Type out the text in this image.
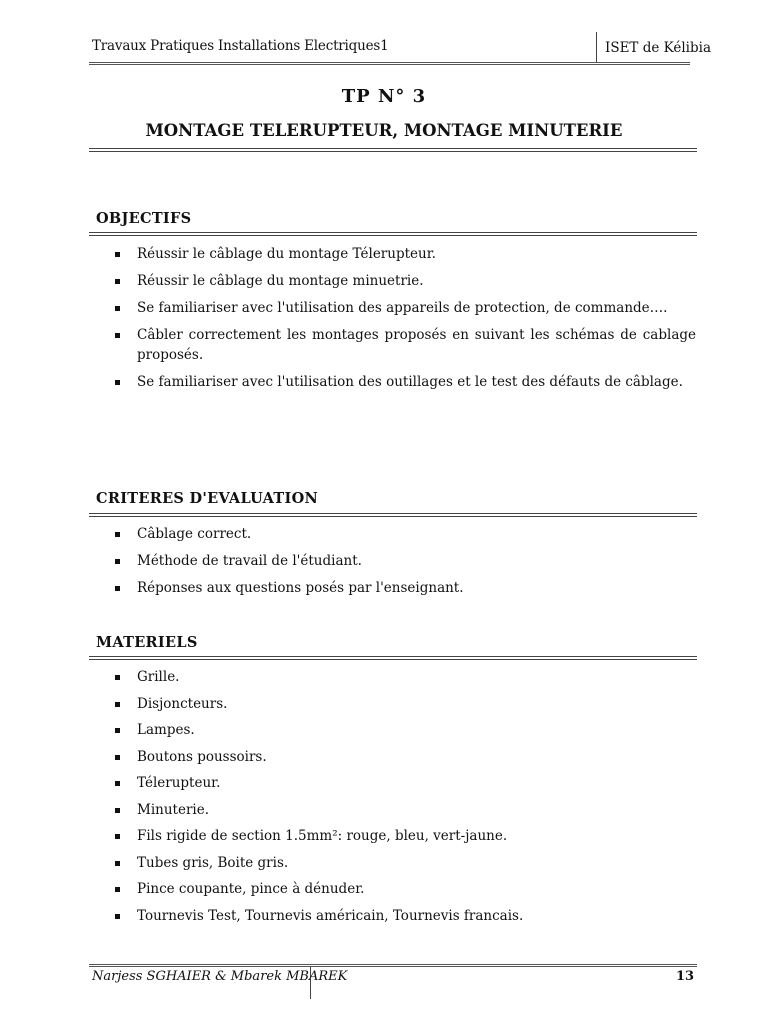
Travaux Pratiques Installations Electriques1	ISET de Kélibia
TP N° 3
MONTAGE TELERUPTEUR, MONTAGE MINUTERIE
OBJECTIFS
Réussir le câblage du montage Télerupteur.
Réussir le câblage du montage minuetrie.
Se familiariser avec l'utilisation des appareils de protection, de commande….
Câbler correctement les montages proposés en suivant les schémas de cablage proposés.
Se familiariser avec l'utilisation des outillages et le test des défauts de câblage.
CRITERES D'EVALUATION
Câblage correct.
Méthode de travail de l'étudiant.
Réponses aux questions posés par l'enseignant.
MATERIELS
Grille.
Disjoncteurs.
Lampes.
Boutons poussoirs.
Télerupteur.
Minuterie.
Fils rigide de section 1.5mm²: rouge, bleu, vert-jaune.
Tubes gris, Boite gris.
Pince coupante, pince à dénuder.
Tournevis Test, Tournevis américain, Tournevis francais.
Narjess SGHAIER & Mbarek MBAREK	13
